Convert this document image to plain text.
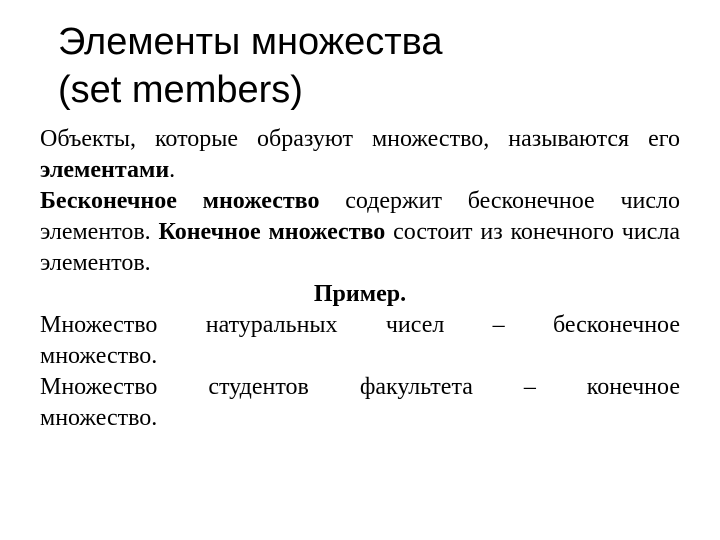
Элементы множества
(set members)

Объекты, которые образуют множество, называются его элементами.

Бесконечное множество содержит бесконечное число элементов. Конечное множество состоит из конечного числа элементов.

Пример.

Множество натуральных чисел – бесконечное
множество.
Множество студентов факультета – конечное
множество.
